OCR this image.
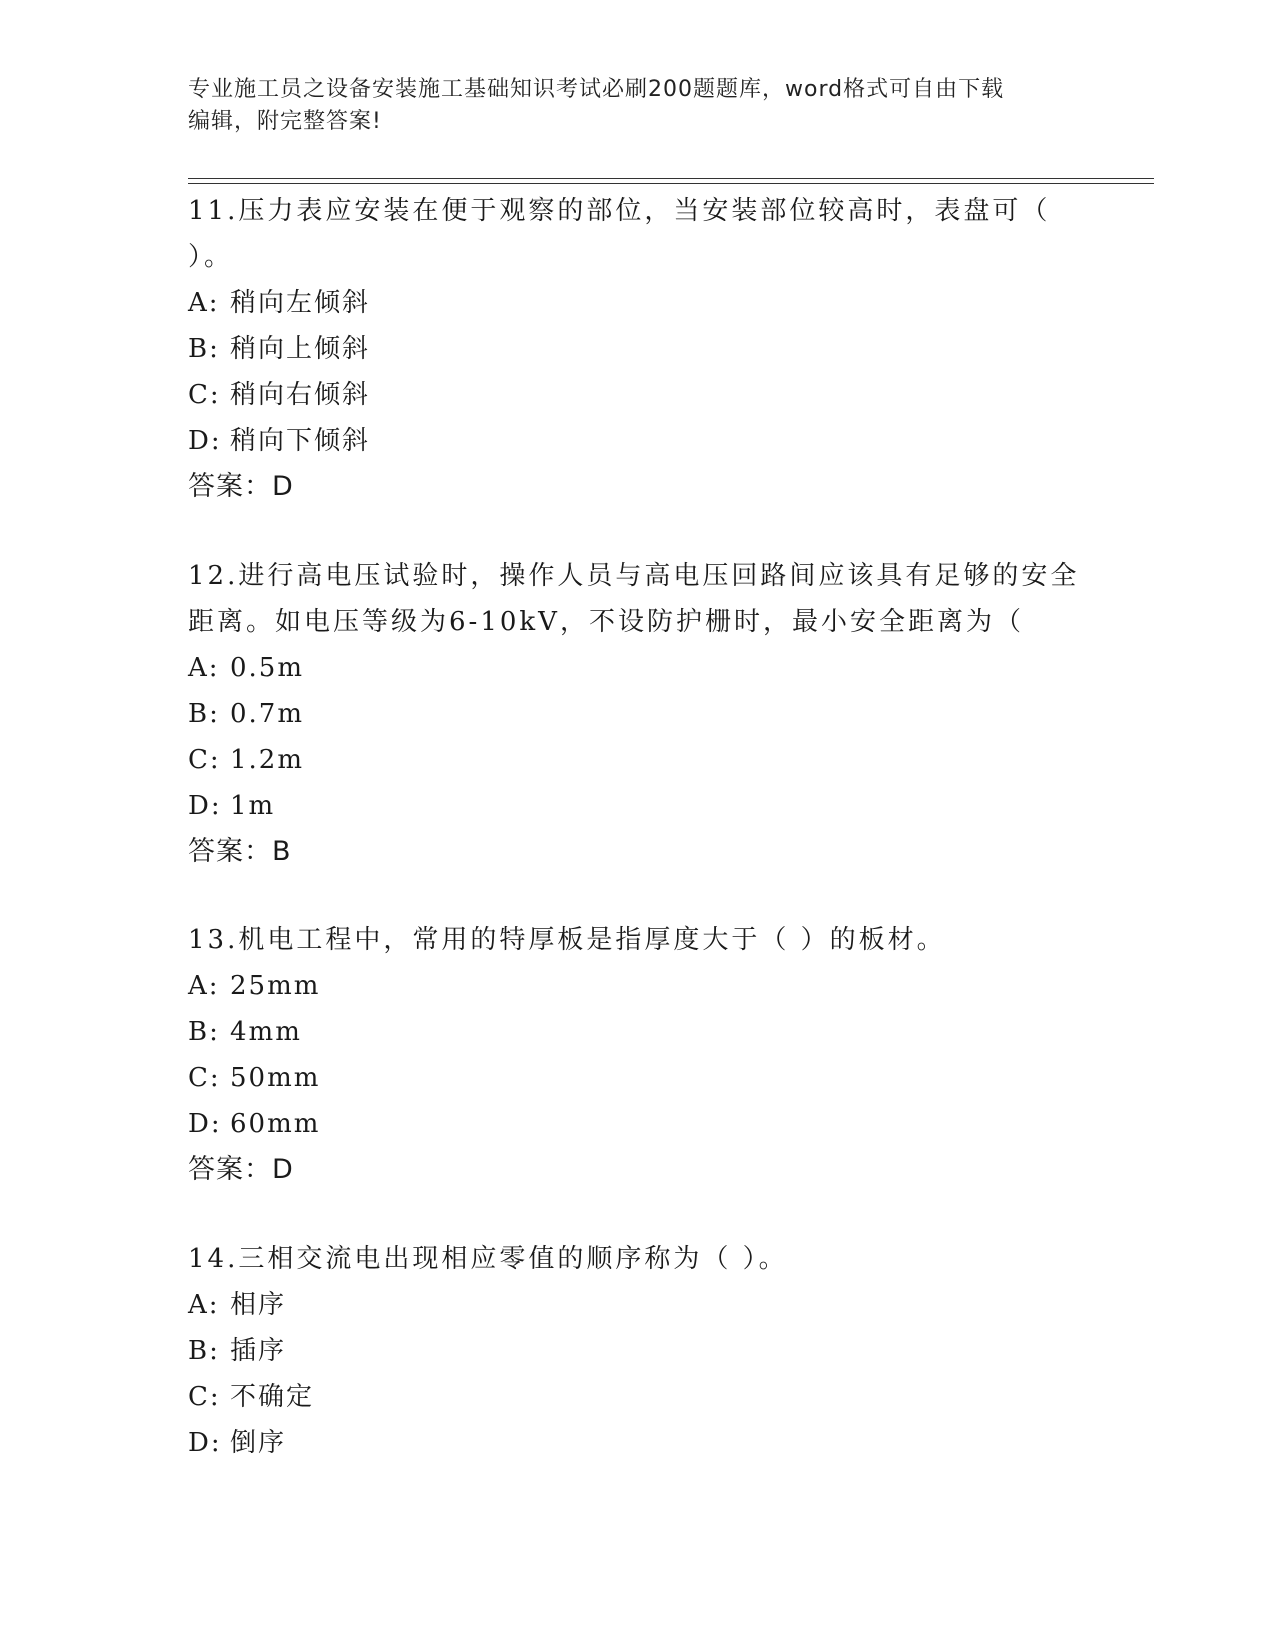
专业施工员之设备安装施工基础知识考试必刷200题题库，word格式可自由下载

编辑，附完整答案!

11.压力表应安装在便于观察的部位，当安装部位较高时，表盘可（

）。

A: 稍向左倾斜

B: 稍向上倾斜

C: 稍向右倾斜

D: 稍向下倾斜

答案：D

12.进行高电压试验时，操作人员与高电压回路间应该具有足够的安全

距离。如电压等级为6-10kV，不设防护栅时，最小安全距离为（

A: 0.5m

B: 0.7m

C: 1.2m

D: 1m

答案：B

13.机电工程中，常用的特厚板是指厚度大于（ ）的板材。

A: 25mm

B: 4mm

C: 50mm

D: 60mm

答案：D

14.三相交流电出现相应零值的顺序称为（ ）。

A: 相序

B: 插序

C: 不确定

D: 倒序
